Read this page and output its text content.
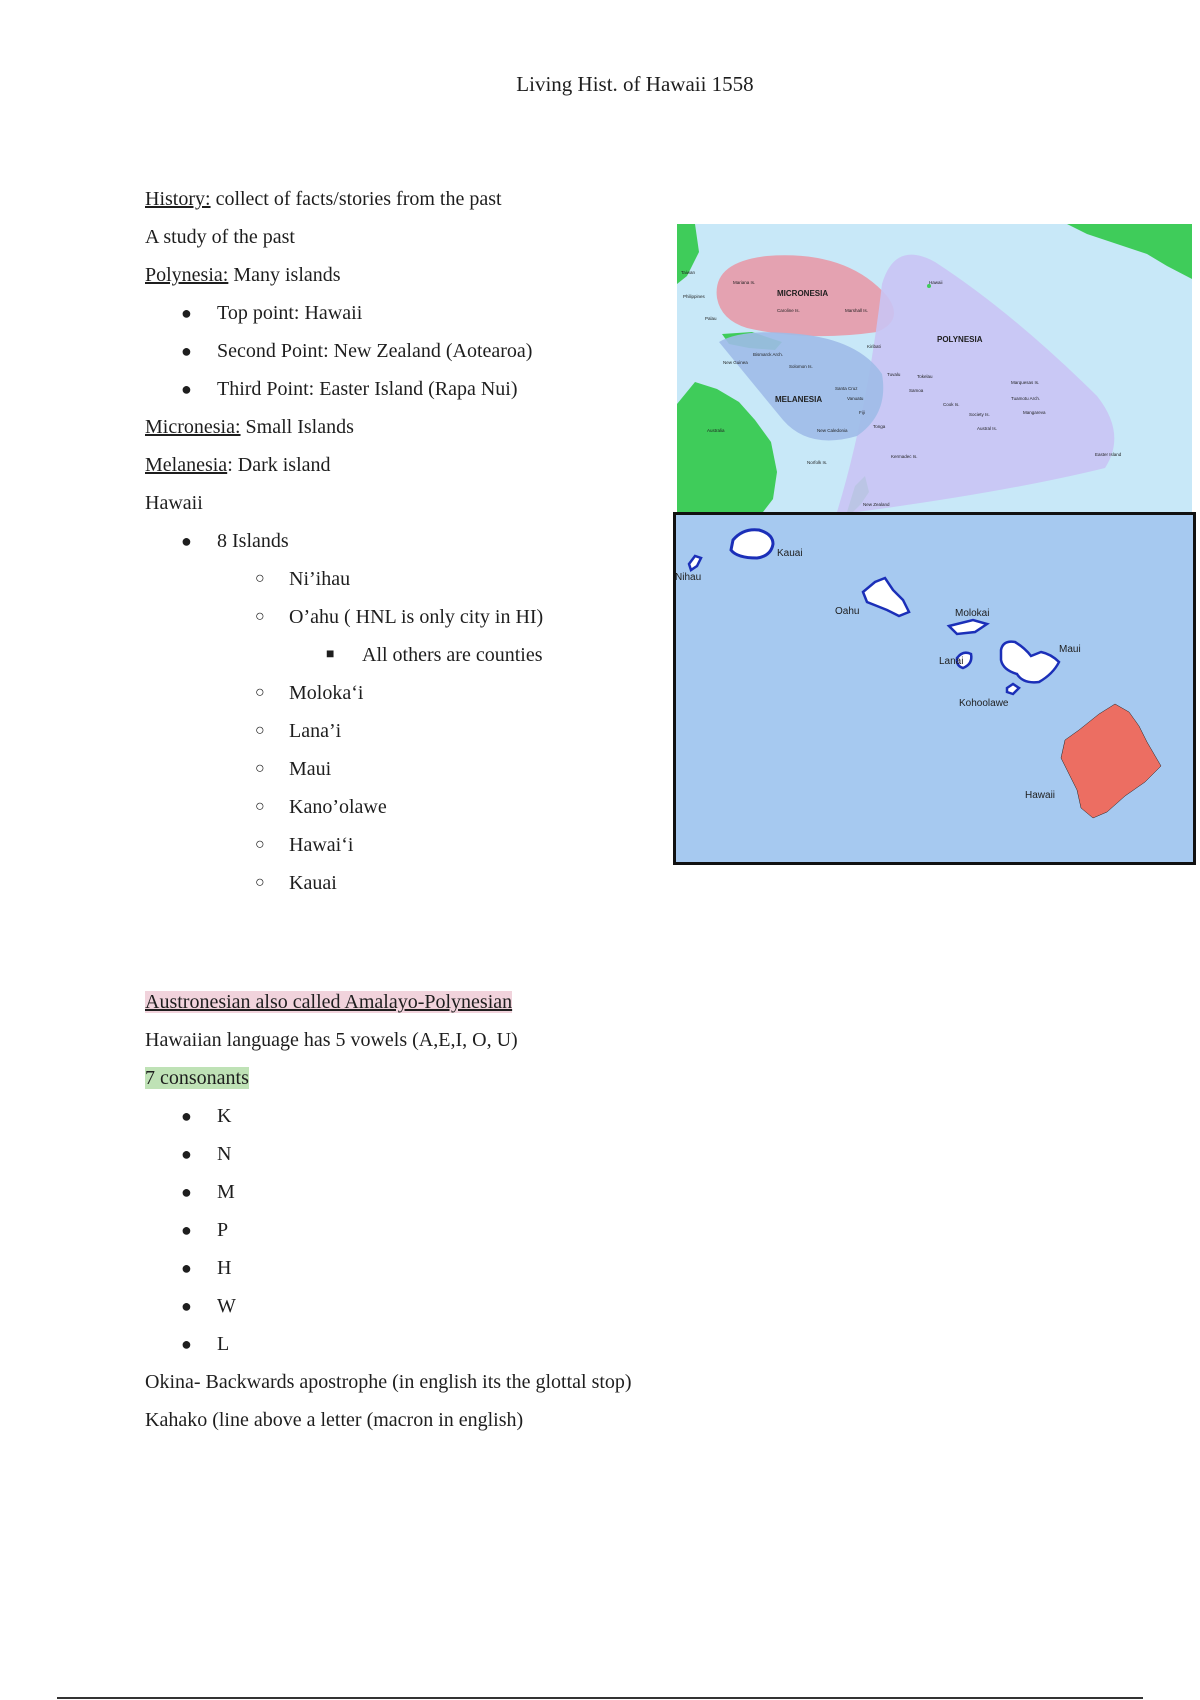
Living Hist. of Hawaii 1558
History: collect of facts/stories from the past
A study of the past
Polynesia: Many islands
● Top point: Hawaii
● Second Point: New Zealand (Aotearoa)
● Third Point: Easter Island (Rapa Nui)
Micronesia: Small Islands
Melanesia: Dark island
Hawaii
● 8 Islands
○ Ni’ihau
○ O’ahu ( HNL is only city in HI)
■ All others are counties
○ Moloka‘i
○ Lana’i
○ Maui
○ Kano’olawe
○ Hawai‘i
○ Kauai
Austronesian also called Amalayo-Polynesian
Hawaiian language has 5 vowels (A,E,I, O, U)
7 consonants
● K
● N
● M
● P
● H
● W
● L
Okina- Backwards apostrophe (in english its the glottal stop)
Kahako (line above a letter (macron in english)
MICRONESIA
POLYNESIA
MELANESIA
Taiwan
Philippines
Palau
Mariana Is.
Caroline Is.	Marshall Is.
Kiribati
Hawaii
Bismarck Arch.
New Guinea
Solomon Is.
Santa Cruz
Vanuatu
Fiji
Tuvalu	Tokelau
Samoa
Tonga
Cook Is.
Society Is.
Austral Is.
Marquesas Is.
Tuamotu Arch.
Mangareva
Easter Island
Australia	New Caledonia
Norfolk Is.
Kermadec Is.
New Zealand
Kauai
Nihau
Oahu	Molokai
Lanai
Maui
Kohoolawe
Hawaii
